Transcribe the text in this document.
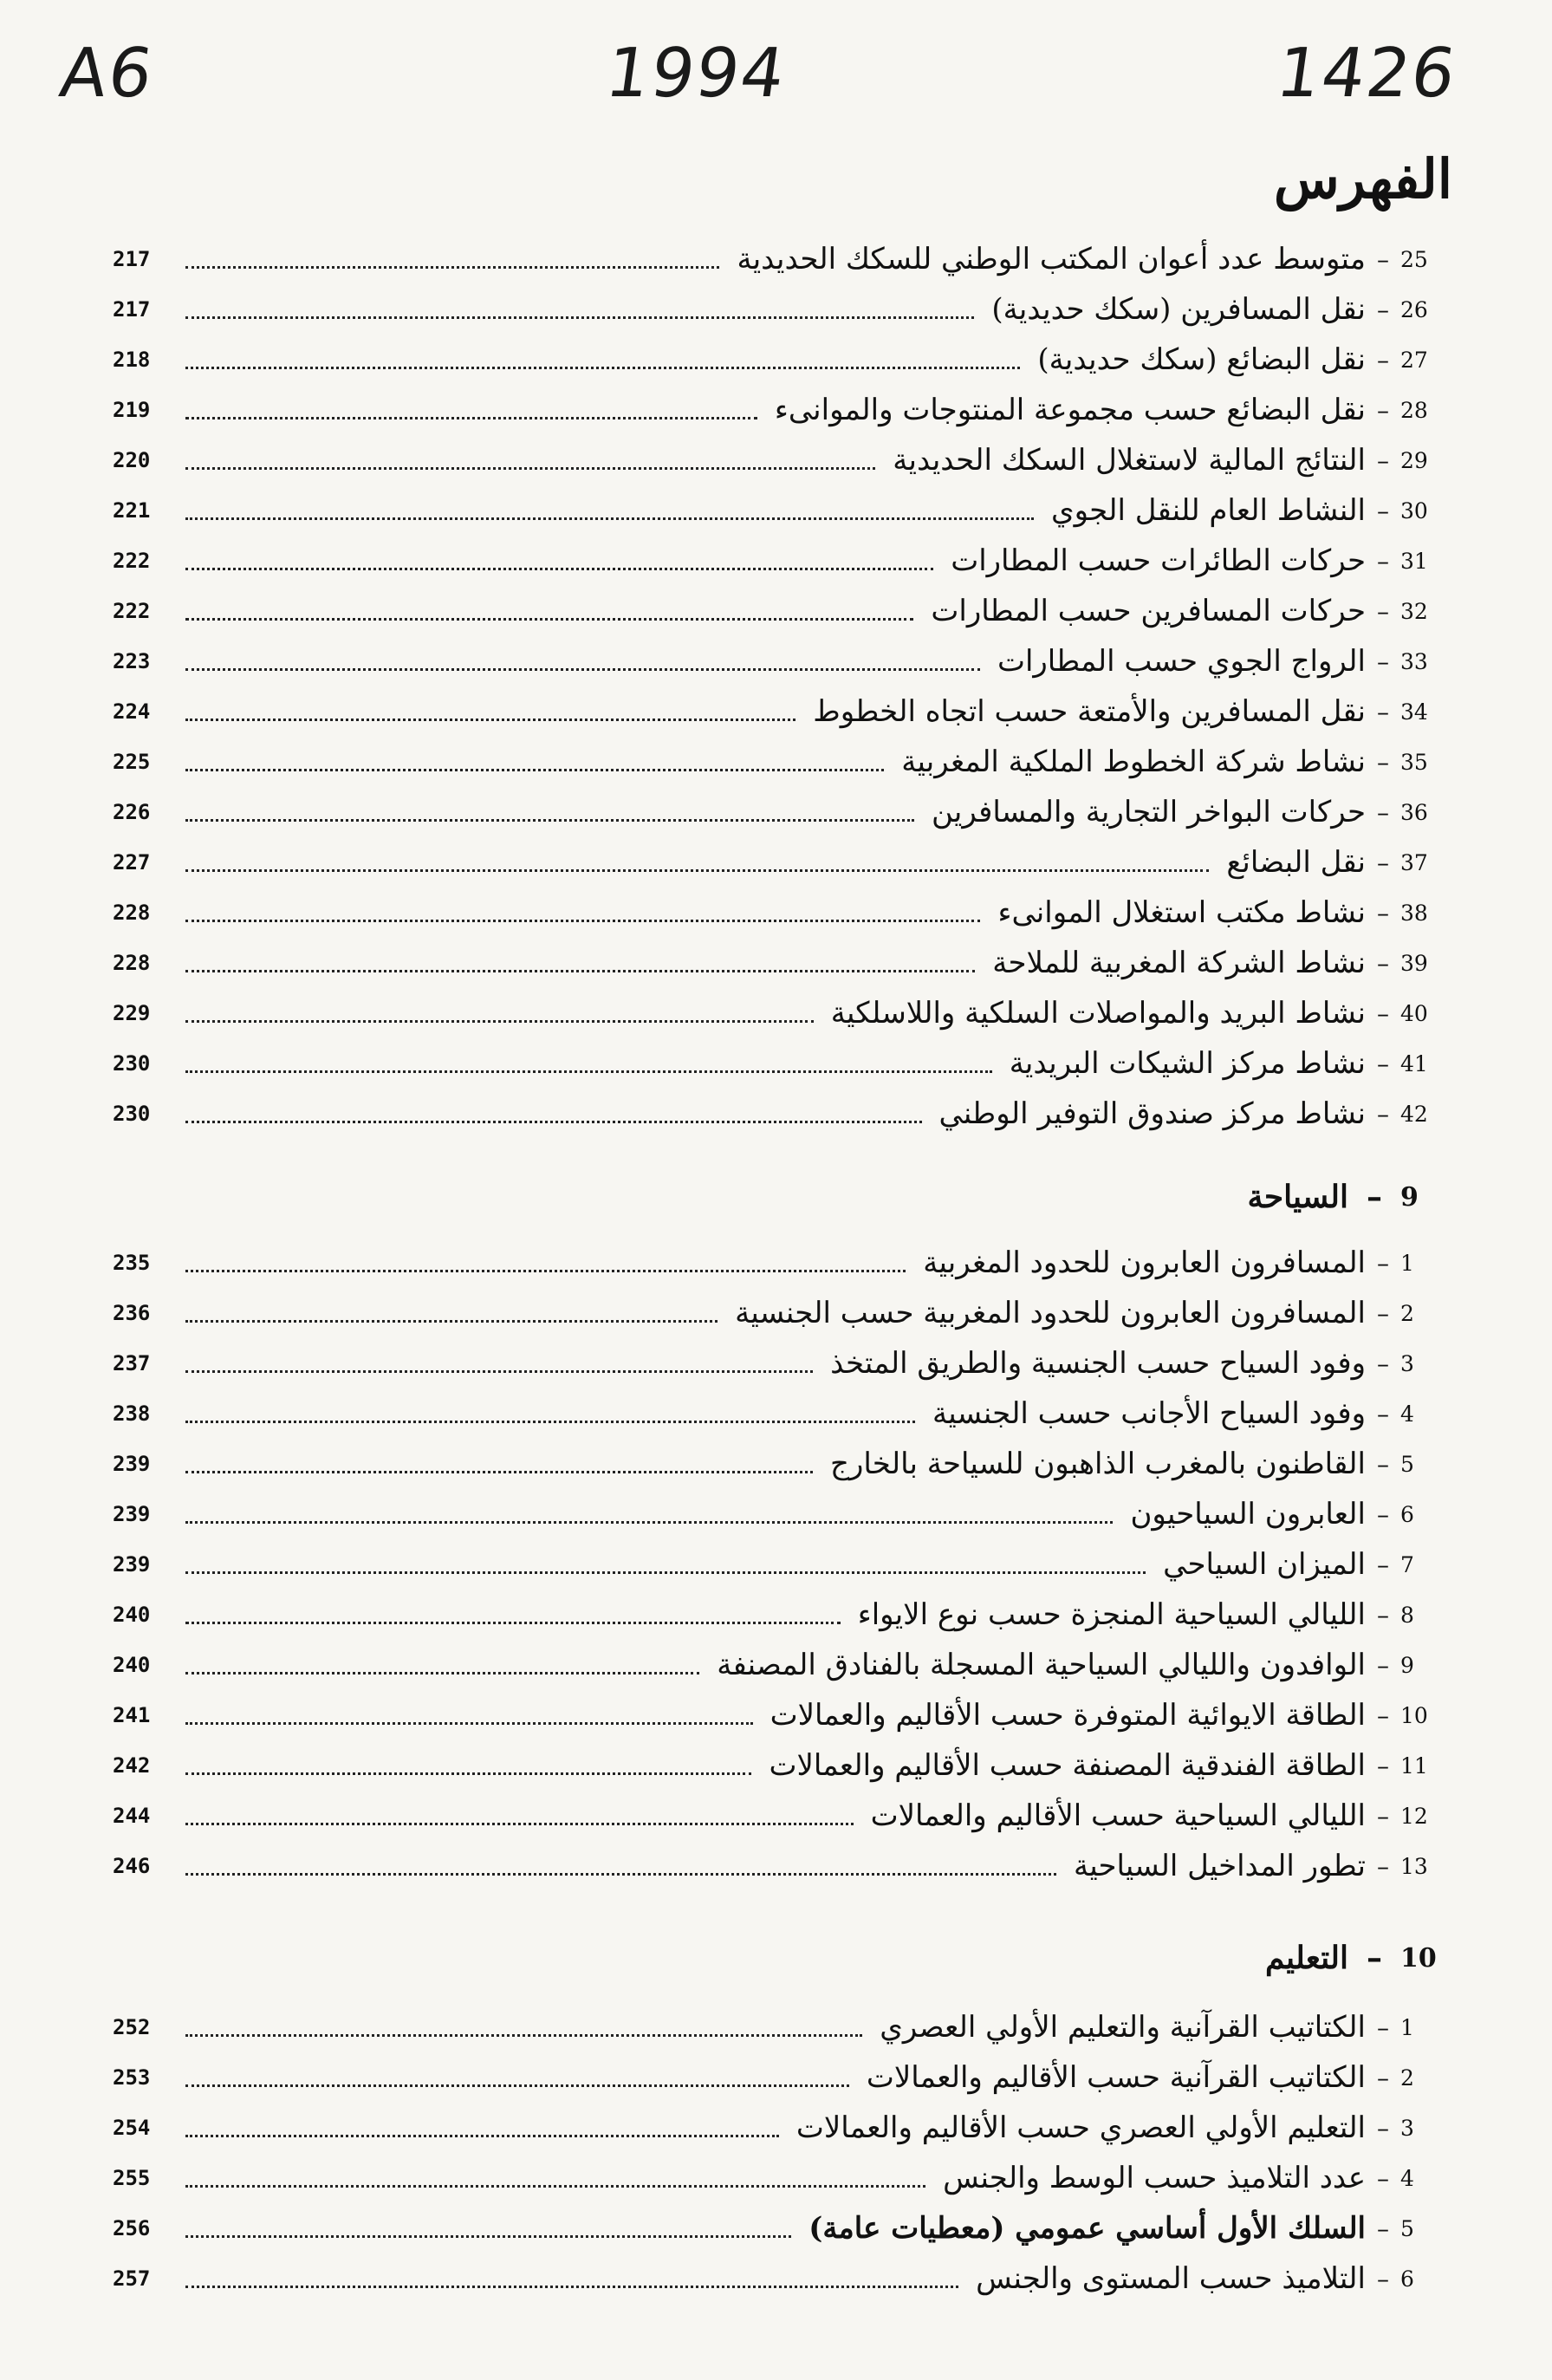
A6	1994	1426
الفهرس
25
–
متوسط عدد أعوان المكتب الوطني للسكك الحديدية
217
26
–
نقل المسافرين (سكك حديدية)
217
27
–
نقل البضائع (سكك حديدية)
218
28
–
نقل البضائع حسب مجموعة المنتوجات والموانىء
219
29
–
النتائج المالية لاستغلال السكك الحديدية
220
30
–
النشاط العام للنقل الجوي
221
31
–
حركات الطائرات حسب المطارات
222
32
–
حركات المسافرين حسب المطارات
222
33
–
الرواج الجوي حسب المطارات
223
34
–
نقل المسافرين والأمتعة حسب اتجاه الخطوط
224
35
–
نشاط شركة الخطوط الملكية المغربية
225
36
–
حركات البواخر التجارية والمسافرين
226
37
–
نقل البضائع
227
38
–
نشاط مكتب استغلال الموانىء
228
39
–
نشاط الشركة المغربية للملاحة
228
40
–
نشاط البريد والمواصلات السلكية واللاسلكية
229
41
–
نشاط مركز الشيكات البريدية
230
42
–
نشاط مركز صندوق التوفير الوطني
230
9
–
السياحة
1
–
المسافرون العابرون للحدود المغربية
235
2
–
المسافرون العابرون للحدود المغربية حسب الجنسية
236
3
–
وفود السياح حسب الجنسية والطريق المتخذ
237
4
–
وفود السياح الأجانب حسب الجنسية
238
5
–
القاطنون بالمغرب الذاهبون للسياحة بالخارج
239
6
–
العابرون السياحيون
239
7
–
الميزان السياحي
239
8
–
الليالي السياحية المنجزة حسب نوع الايواء
240
9
–
الوافدون والليالي السياحية المسجلة بالفنادق المصنفة
240
10
–
الطاقة الايوائية المتوفرة حسب الأقاليم والعمالات
241
11
–
الطاقة الفندقية المصنفة حسب الأقاليم والعمالات
242
12
–
الليالي السياحية حسب الأقاليم والعمالات
244
13
–
تطور المداخيل السياحية
246
10
–
التعليم
1
–
الكتاتيب القرآنية والتعليم الأولي العصري
252
2
–
الكتاتيب القرآنية حسب الأقاليم والعمالات
253
3
–
التعليم الأولي العصري حسب الأقاليم والعمالات
254
4
–
عدد التلاميذ حسب الوسط والجنس
255
5
–
السلك الأول أساسي عمومي (معطيات عامة)
256
6
–
التلاميذ حسب المستوى والجنس
257
